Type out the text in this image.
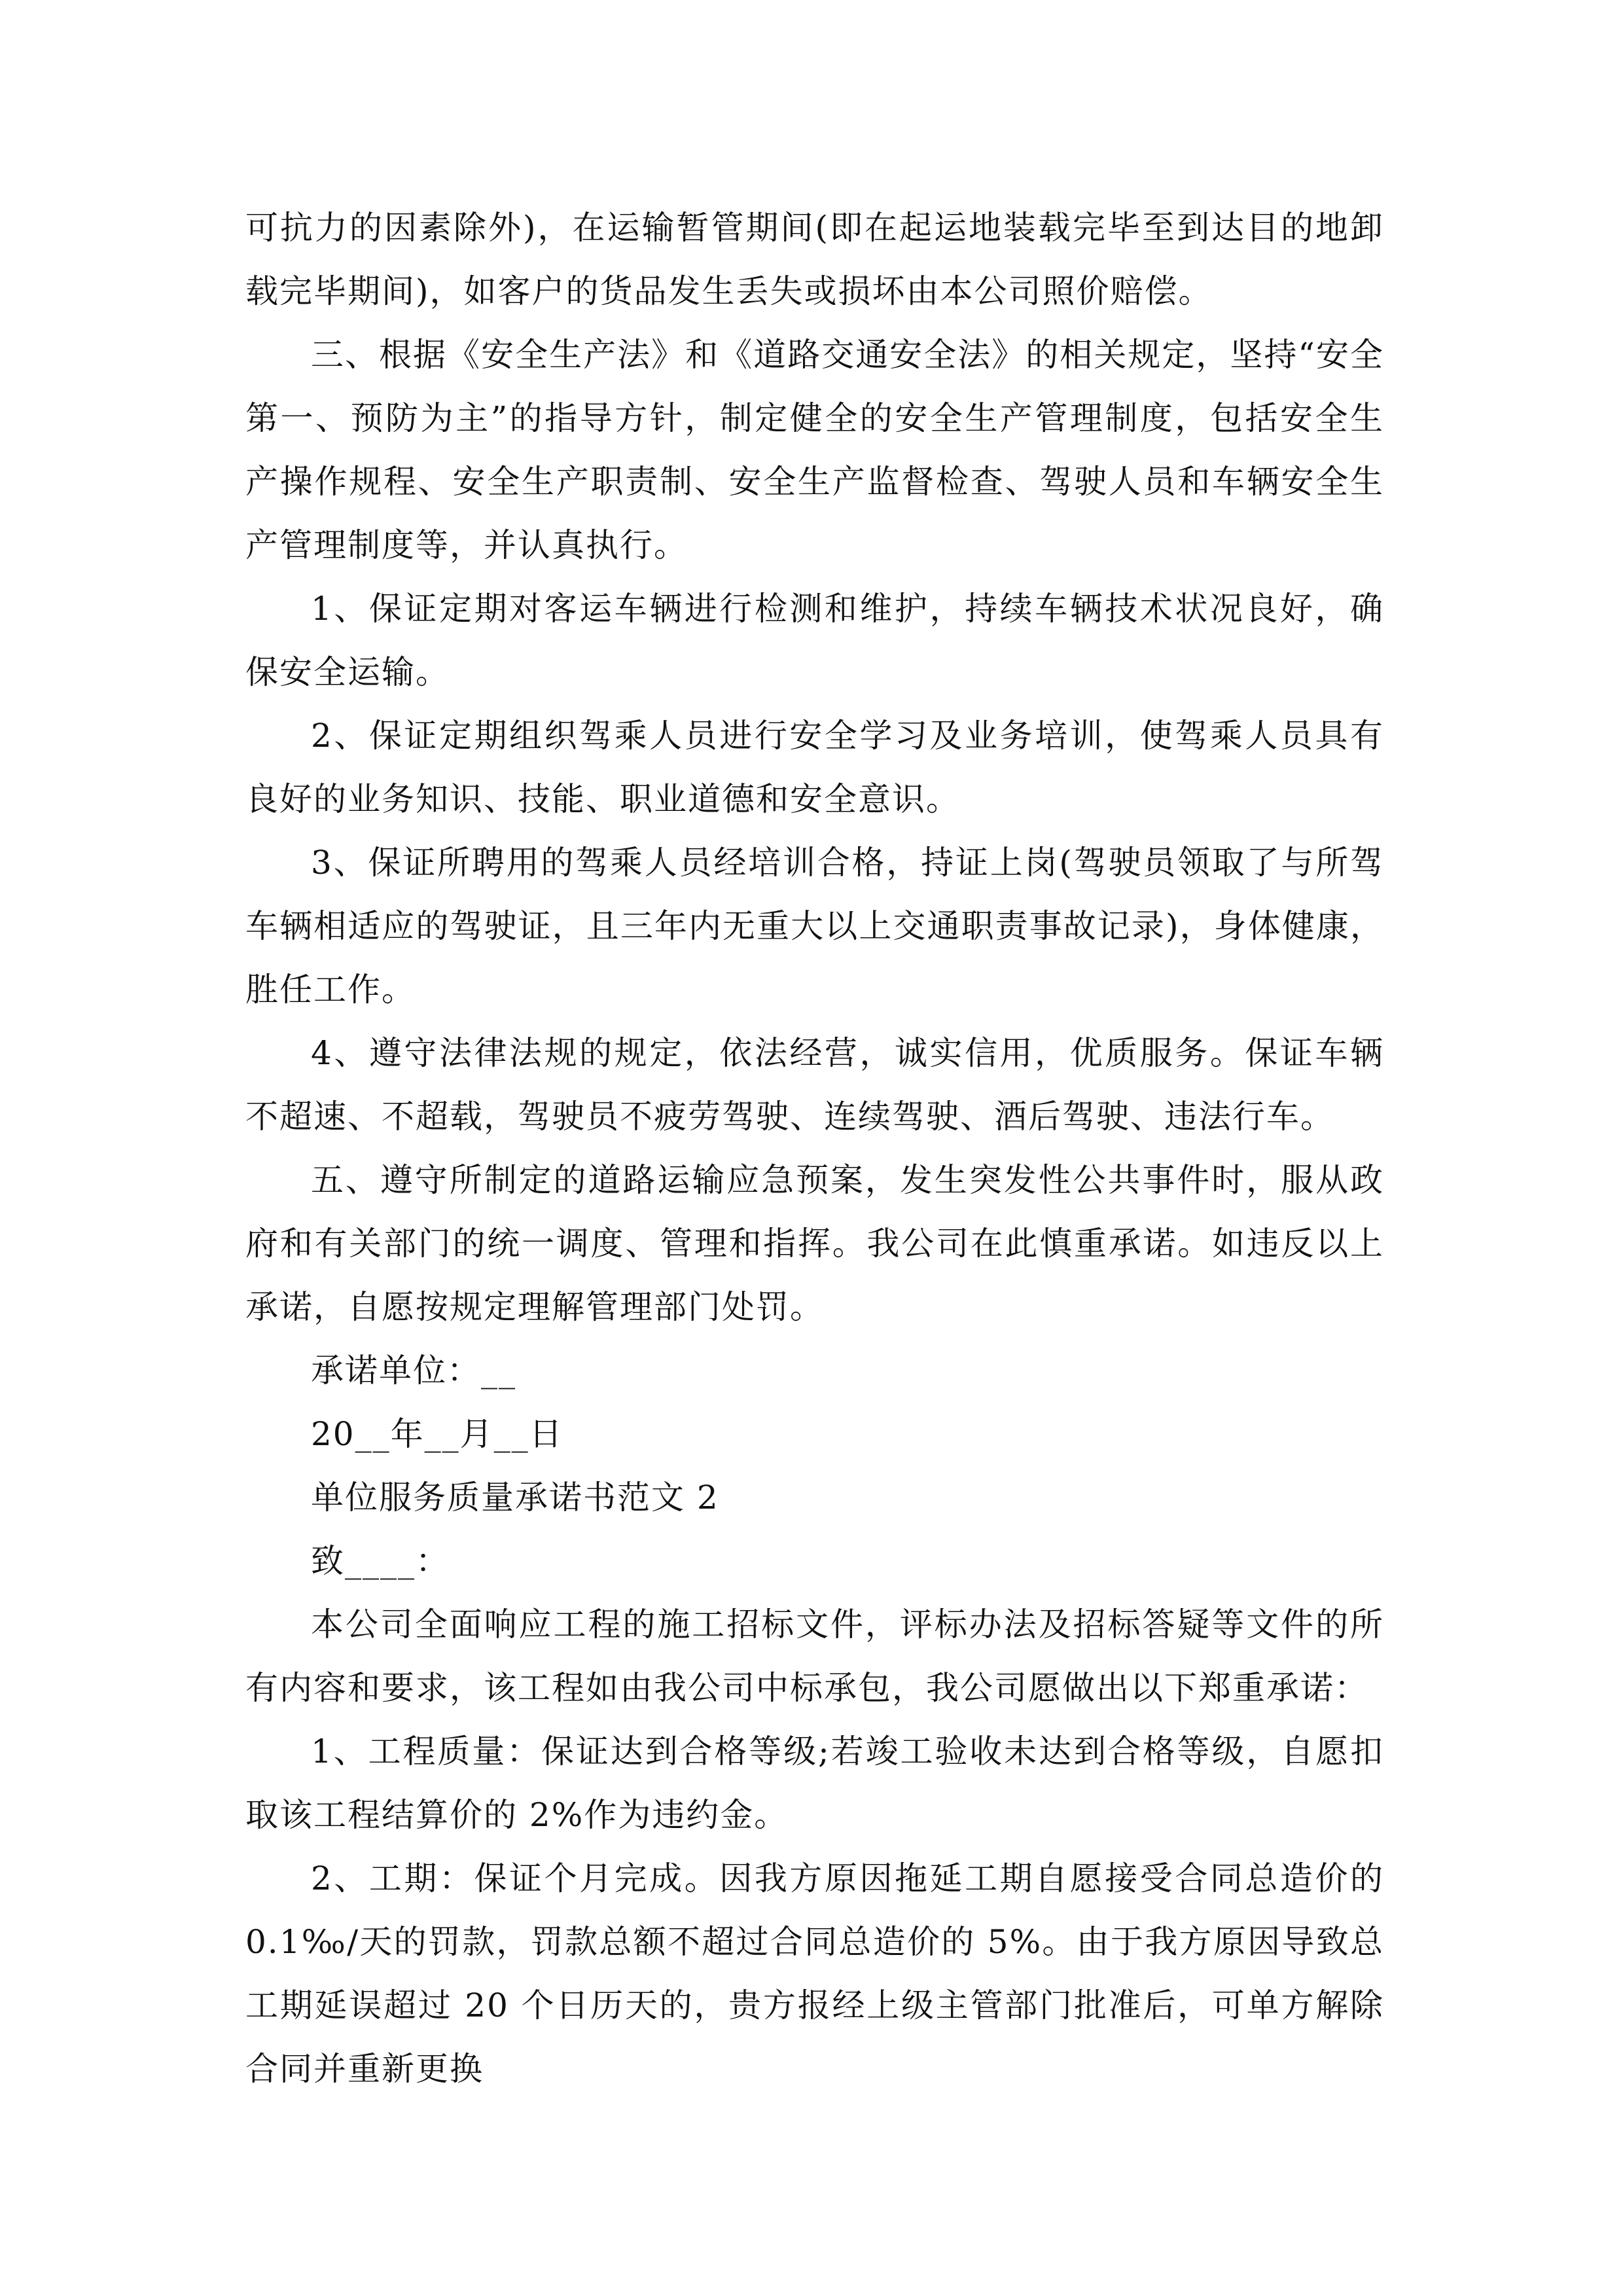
可抗力的因素除外)，在运输暂管期间(即在起运地装载完毕至到达目的地卸载完毕期间)，如客户的货品发生丢失或损坏由本公司照价赔偿。

三、根据《安全生产法》和《道路交通安全法》的相关规定，坚持“安全第一、预防为主”的指导方针，制定健全的安全生产管理制度，包括安全生产操作规程、安全生产职责制、安全生产监督检查、驾驶人员和车辆安全生产管理制度等，并认真执行。

1、保证定期对客运车辆进行检测和维护，持续车辆技术状况良好，确保安全运输。

2、保证定期组织驾乘人员进行安全学习及业务培训，使驾乘人员具有良好的业务知识、技能、职业道德和安全意识。

3、保证所聘用的驾乘人员经培训合格，持证上岗(驾驶员领取了与所驾车辆相适应的驾驶证，且三年内无重大以上交通职责事故记录)，身体健康，胜任工作。

4、遵守法律法规的规定，依法经营，诚实信用，优质服务。保证车辆不超速、不超载，驾驶员不疲劳驾驶、连续驾驶、酒后驾驶、违法行车。

五、遵守所制定的道路运输应急预案，发生突发性公共事件时，服从政府和有关部门的统一调度、管理和指挥。我公司在此慎重承诺。如违反以上承诺，自愿按规定理解管理部门处罚。

承诺单位：__

20__年__月__日

单位服务质量承诺书范文 2

致____：

本公司全面响应工程的施工招标文件，评标办法及招标答疑等文件的所有内容和要求，该工程如由我公司中标承包，我公司愿做出以下郑重承诺：

1、工程质量：保证达到合格等级;若竣工验收未达到合格等级，自愿扣取该工程结算价的 2%作为违约金。

2、工期：保证个月完成。因我方原因拖延工期自愿接受合同总造价的 0.1‰/天的罚款，罚款总额不超过合同总造价的 5%。由于我方原因导致总工期延误超过 20 个日历天的，贵方报经上级主管部门批准后，可单方解除合同并重新更换
